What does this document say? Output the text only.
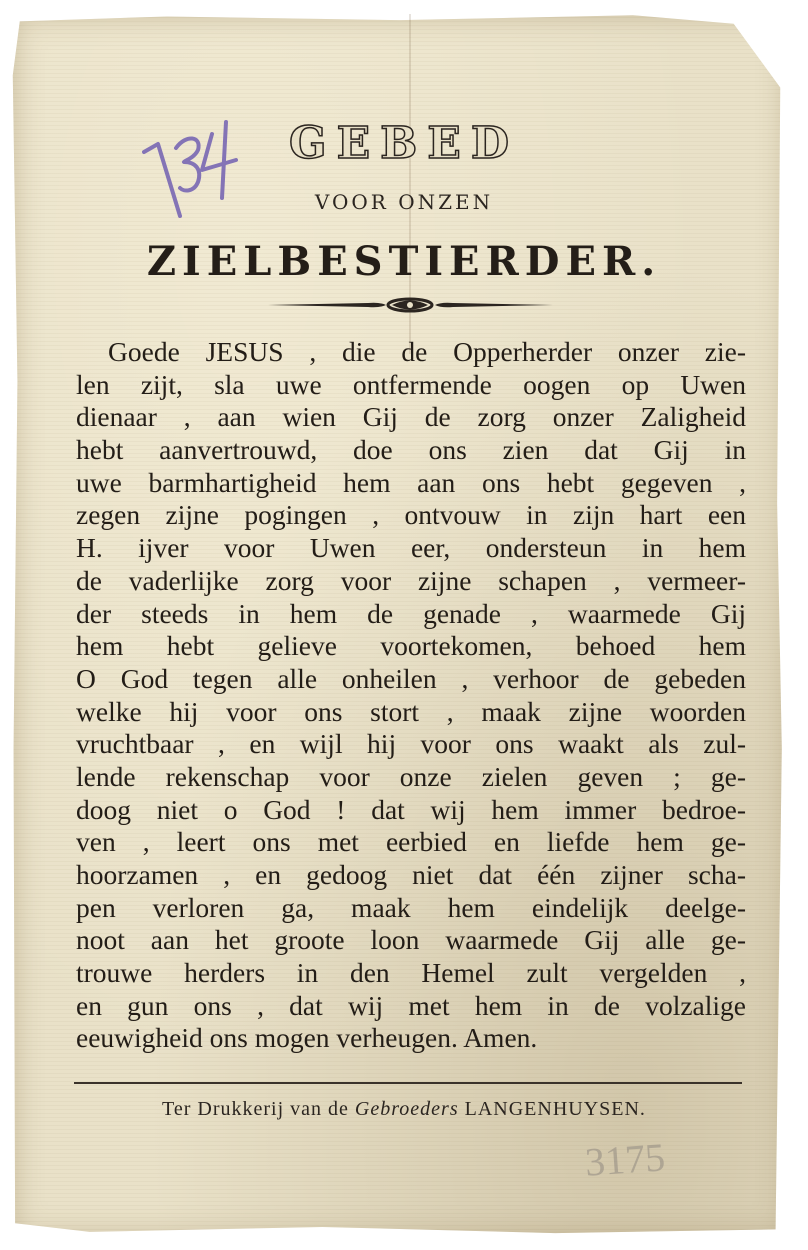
GEBED
VOOR ONZEN
ZIELBESTIERDER.
Goede JESUS , die de Opperherder onzer zie-
len zijt, sla uwe ontfermende oogen op Uwen
dienaar , aan wien Gij de zorg onzer Zaligheid
hebt aanvertrouwd, doe ons zien dat Gij in
uwe barmhartigheid hem aan ons hebt gegeven ,
zegen zijne pogingen , ontvouw in zijn hart een
H. ijver voor Uwen eer, ondersteun in hem
de vaderlijke zorg voor zijne schapen , vermeer-
der steeds in hem de genade , waarmede Gij
hem hebt gelieve voortekomen, behoed hem
O God tegen alle onheilen , verhoor de gebeden
welke hij voor ons stort , maak zijne woorden
vruchtbaar , en wijl hij voor ons waakt als zul-
lende rekenschap voor onze zielen geven ; ge-
doog niet o God ! dat wij hem immer bedroe-
ven , leert ons met eerbied en liefde hem ge-
hoorzamen , en gedoog niet dat één zijner scha-
pen verloren ga, maak hem eindelijk deelge-
noot aan het groote loon waarmede Gij alle ge-
trouwe herders in den Hemel zult vergelden ,
en gun ons , dat wij met hem in de volzalige
eeuwigheid ons mogen verheugen. Amen.
Ter Drukkerij van de Gebroeders LANGENHUYSEN.
3175
